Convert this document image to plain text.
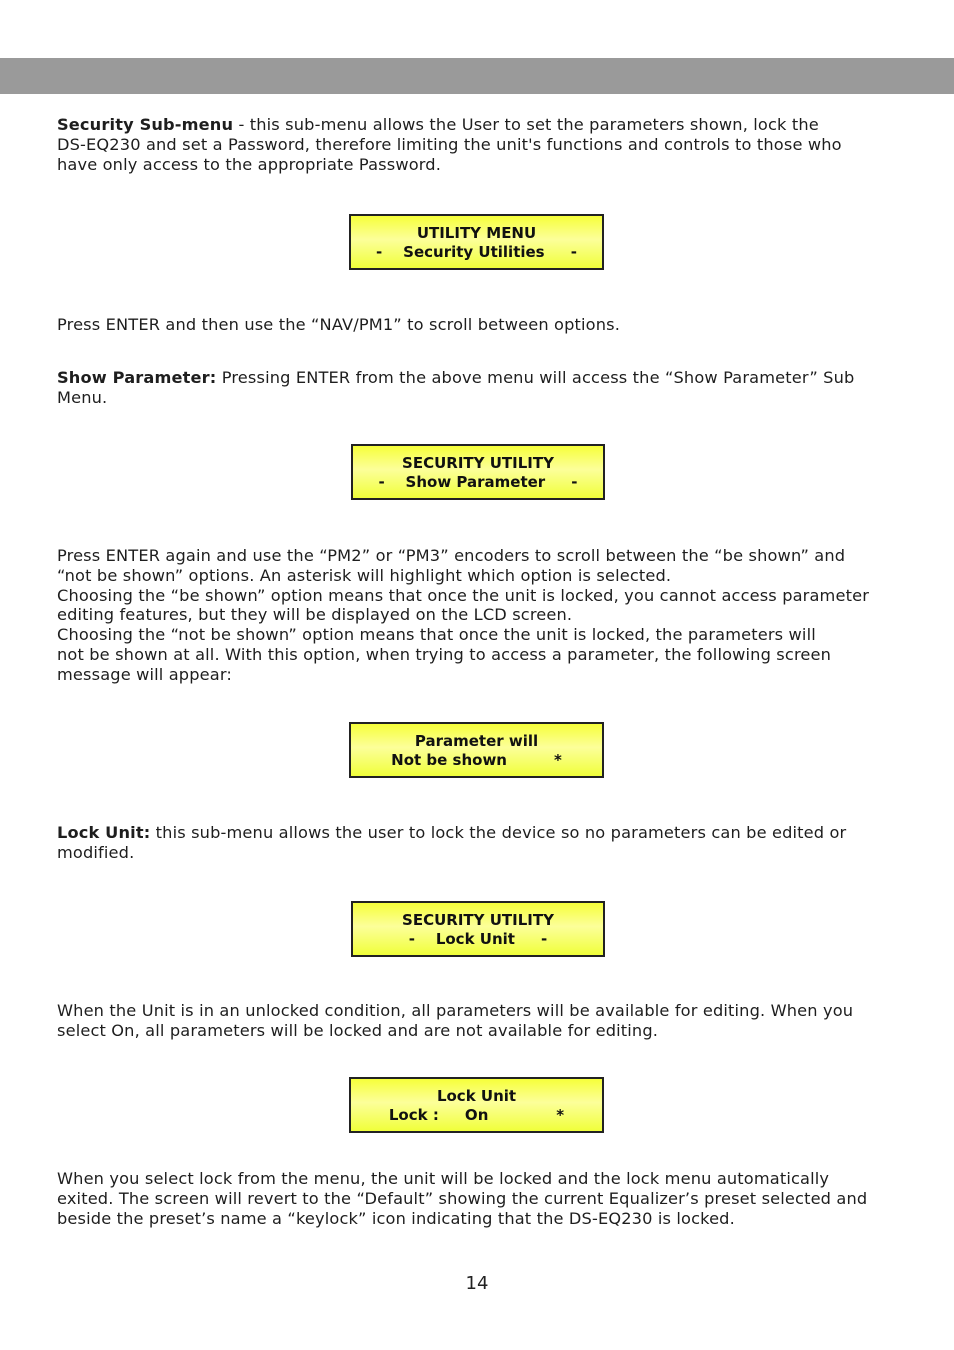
Security Sub-menu - this sub-menu allows the User to set the parameters shown, lock the
DS-EQ230 and set a Password, therefore limiting the unit's functions and controls to those who
have only access to the appropriate Password.

UTILITY MENU
-    Security Utilities     -

Press ENTER and then use the “NAV/PM1” to scroll between options.

Show Parameter: Pressing ENTER from the above menu will access the “Show Parameter” Sub
Menu.

SECURITY UTILITY
-    Show Parameter     -

Press ENTER again and use the “PM2” or “PM3” encoders to scroll between the “be shown” and
“not be shown” options. An asterisk will highlight which option is selected.
Choosing the “be shown” option means that once the unit is locked, you cannot access parameter
editing features, but they will be displayed on the LCD screen.
Choosing the “not be shown” option means that once the unit is locked, the parameters will
not be shown at all. With this option, when trying to access a parameter, the following screen
message will appear:

Parameter will
Not be shown         *

Lock Unit: this sub-menu allows the user to lock the device so no parameters can be edited or
modified.

SECURITY UTILITY
-    Lock Unit     -

When the Unit is in an unlocked condition, all parameters will be available for editing. When you
select On, all parameters will be locked and are not available for editing.

Lock Unit
Lock :     On             *

When you select lock from the menu, the unit will be locked and the lock menu automatically
exited. The screen will revert to the “Default” showing the current Equalizer’s preset selected and
beside the preset’s name a “keylock” icon indicating that the DS-EQ230 is locked.

14
